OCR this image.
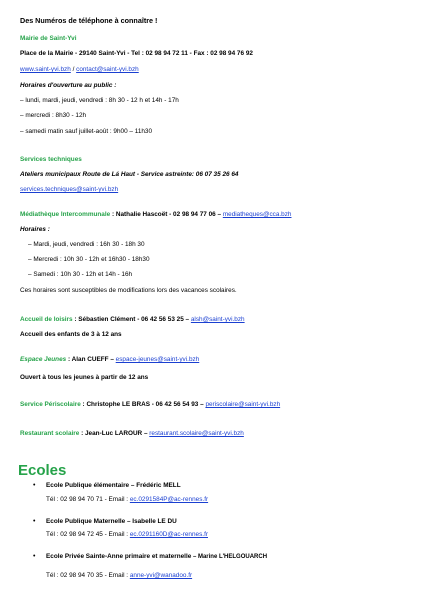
Des Numéros de téléphone à connaître !
Mairie de Saint-Yvi
Place de la Mairie - 29140 Saint-Yvi - Tel : 02 98 94 72 11 - Fax : 02 98 94 76 92
www.saint-yvi.bzh / contact@saint-yvi.bzh
Horaires d'ouverture au public :
– lundi, mardi, jeudi, vendredi : 8h 30 - 12 h et 14h - 17h
– mercredi : 8h30 - 12h
– samedi matin sauf juillet-août : 9h00 – 11h30
Services techniques
Ateliers municipaux Route de Lá Haut - Service astreinte: 06 07 35 26 64
services.techniques@saint-yvi.bzh
Médiathèque Intercommunale : Nathalie Hascoët - 02 98 94 77 06 – mediatheques@cca.bzh
Horaires :
– Mardi, jeudi, vendredi : 16h 30 - 18h 30
– Mercredi : 10h 30 - 12h et 16h30 - 18h30
– Samedi : 10h 30 - 12h et 14h - 16h
Ces horaires sont susceptibles de modifications lors des vacances scolaires.
Accueil de loisirs : Sébastien Clément - 06 42 56 53 25 – alsh@saint-yvi.bzh
Accueil des enfants de 3 à 12 ans
Espace Jeunes : Alan CUEFF – espace-jeunes@saint-yvi.bzh
Ouvert à tous les jeunes à partir de 12 ans
Service Périscolaire : Christophe LE BRAS - 06 42 56 54 93 – periscolaire@saint-yvi.bzh
Restaurant scolaire : Jean-Luc LAROUR – restaurant.scolaire@saint-yvi.bzh
Ecoles
• Ecole Publique élémentaire – Frédéric MELL
Tél : 02 98 94 70 71 - Email : ec.0291584P@ac-rennes.fr
• Ecole Publique Maternelle – Isabelle LE DU
Tél : 02 98 94 72 45 - Email : ec.0291160D@ac-rennes.fr
• Ecole Privée Sainte-Anne primaire et maternelle – Marine L'HELGOUARCH
Tél : 02 98 94 70 35 - Email : anne-yvi@wanadoo.fr
